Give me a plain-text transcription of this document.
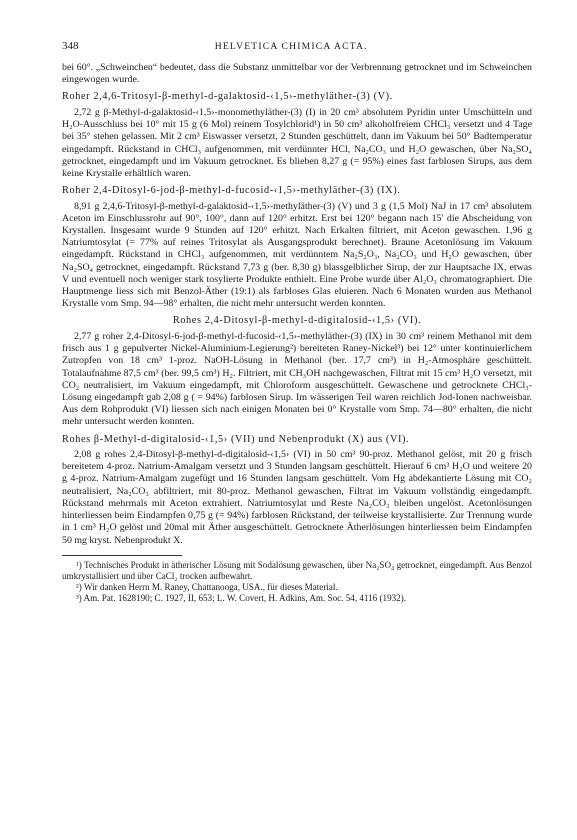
348	HELVETICA CHIMICA ACTA.

bei 60°. „Schweinchen“ bedeutet, dass die Substanz unmittelbar vor der Verbrennung getrocknet und im Schweinchen eingewogen wurde.

Roher 2,4,6-Tritosyl-β-methyl-d-galaktosid-‹1,5›-methyläther-(3) (V).

2,72 g β-Methyl-d-galaktosid-‹1,5›-monomethyläther-(3) (I) in 20 cm³ absolutem Pyridin unter Umschütteln und H₂O-Ausschluss bei 10° mit 15 g (6 Mol) reinem Tosylchlorid¹) in 50 cm³ alkoholfreiem CHCl₃ versetzt und 4 Tage bei 35° stehen gelassen. Mit 2 cm³ Eiswasser versetzt, 2 Stunden geschüttelt, dann im Vakuum bei 50° Badtemperatur eingedampft. Rückstand in CHCl₃ aufgenommen, mit verdünnter HCl, Na₂CO₃ und H₂O gewaschen, über Na₂SO₄ getrocknet, eingedampft und im Vakuum getrocknet. Es blieben 8,27 g (= 95%) eines fast farblosen Sirups, aus dem keine Krystalle erhältlich waren.

Roher 2,4-Ditosyl-6-jod-β-methyl-d-fucosid-‹1,5›-methyläther-(3) (IX).

8,91 g 2,4,6-Tritosyl-β-methyl-d-galaktosid-‹1,5›-methyläther-(3) (V) und 3 g (1,5 Mol) NaJ in 17 cm³ absolutem Aceton im Einschlussrohr auf 90°, 100°, dann auf 120° erhitzt. Erst bei 120° begann nach 15′ die Abscheidung von Krystallen. Insgesamt wurde 9 Stunden auf 120° erhitzt. Nach Erkalten filtriert, mit Aceton gewaschen. 1,96 g Natriumtosylat (= 77% auf reines Tritosylat als Ausgangsprodukt berechnet). Braune Acetonlösung im Vakuum eingedampft. Rückstand in CHCl₃ aufgenommen, mit verdünntem Na₂S₂O₃, Na₂CO₃ und H₂O gewaschen, über Na₂SO₄ getrocknet, eingedampft. Rückstand 7,73 g (ber. 8,30 g) blassgelblicher Sirup, der zur Hauptsache IX, etwas V und eventuell noch weniger stark tosylierte Produkte enthielt. Eine Probe wurde über Al₂O₃ chromatographiert. Die Hauptmenge liess sich mit Benzol-Äther (19:1) als farbloses Glas eluieren. Nach 6 Monaten wurden aus Methanol Krystalle vom Smp. 94—98° erhalten, die nicht mehr untersucht werden konnten.

Rohes 2,4-Ditosyl-β-methyl-d-digitalosid-‹1,5› (VI).

2,77 g roher 2,4-Ditosyl-6-jod-β-methyl-d-fucosid-‹1,5›-methyläther-(3) (IX) in 30 cm³ reinem Methanol mit dem frisch aus 1 g gepulverter Nickel-Aluminium-Legierung²) bereiteten Raney-Nickel³) bei 12° unter kontinuierlichem Zutropfen von 18 cm³ 1-proz. NaOH-Lösung in Methanol (ber. 17,7 cm³) in H₂-Atmosphäre geschüttelt. Totalaufnahme 87,5 cm³ (ber. 99,5 cm³) H₂. Filtriert, mit CH₃OH nachgewaschen, Filtrat mit 15 cm³ H₂O versetzt, mit CO₂ neutralisiert, im Vakuum eingedampft, mit Chloroform ausgeschüttelt. Gewaschene und getrocknete CHCl₃-Lösung eingedampft gab 2,08 g ( = 94%) farblosen Sirup. Im wässerigen Teil waren reichlich Jod-Ionen nachweisbar. Aus dem Rohprodukt (VI) liessen sich nach einigen Monaten bei 0° Krystalle vom Smp. 74—80° erhalten, die nicht mehr untersucht werden konnten.

Rohes β-Methyl-d-digitalosid-‹1,5› (VII) und Nebenprodukt (X) aus (VI).

2,08 g rohes 2,4-Ditosyl-β-methyl-d-digitalosid-‹1,5› (VI) in 50 cm³ 90-proz. Methanol gelöst, mit 20 g frisch bereitetem 4-proz. Natrium-Amalgam versetzt und 3 Stunden langsam geschüttelt. Hierauf 6 cm³ H₂O und weitere 20 g 4-proz. Natrium-Amalgam zugefügt und 16 Stunden langsam geschüttelt. Vom Hg abdekantierte Lösung mit CO₂ neutralisiert, Na₂CO₃ abfiltriert, mit 80-proz. Methanol gewaschen, Filtrat im Vakuum vollständig eingedampft. Rückstand mehrmals mit Aceton extrahiert. Natriumtosylat und Reste Na₂CO₃ bleiben ungelöst. Acetonlösungen hinterliessen beim Eindampfen 0,75 g (= 94%) farblosen Rückstand, der teilweise krystallisierte. Zur Trennung wurde in 1 cm³ H₂O gelöst und 20mal mit Äther ausgeschüttelt. Getrocknete Ätherlösungen hinterliessen beim Eindampfen 50 mg kryst. Nebenprodukt X.

¹) Technisches Produkt in ätherischer Lösung mit Sodalösung gewaschen, über Na₂SO₄ getrocknet, eingedampft. Aus Benzol umkrystallisiert und über CaCl₂ trocken aufbewahrt.

²) Wir danken Herrn M. Raney, Chattanooga, USA., für dieses Material.

³) Am. Pat. 1628190; C. 1927, II, 653; L. W. Covert, H. Adkins, Am. Soc. 54, 4116 (1932).
